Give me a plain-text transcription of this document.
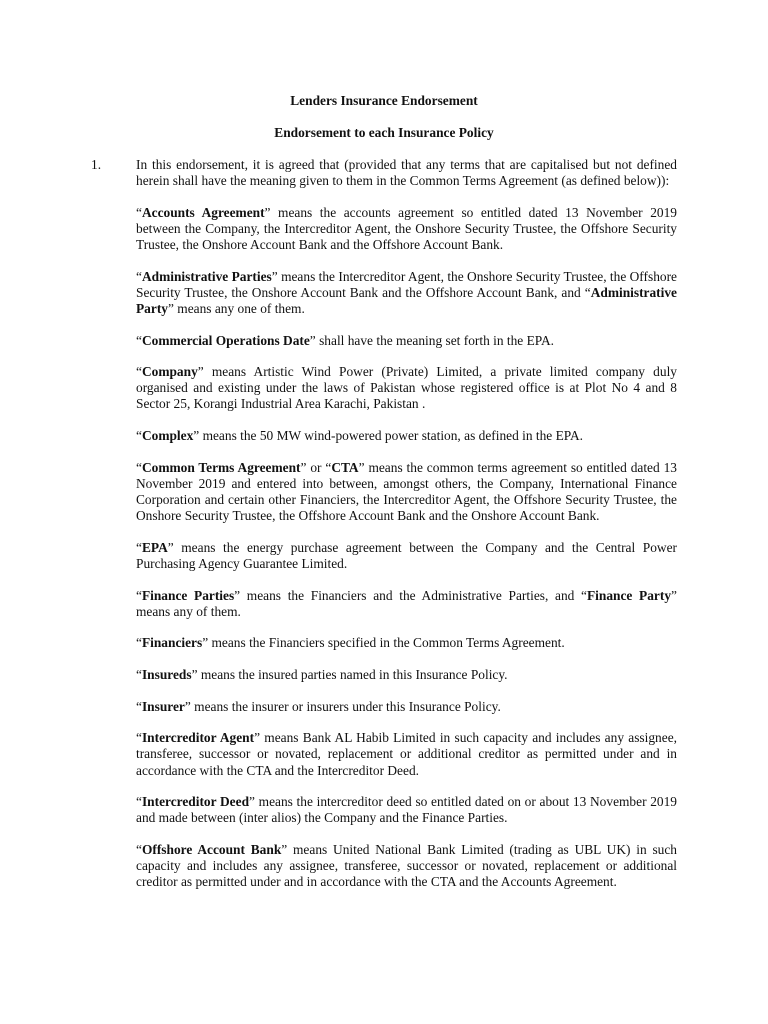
Lenders Insurance Endorsement
Endorsement to each Insurance Policy
1.	In this endorsement, it is agreed that (provided that any terms that are capitalised but not defined herein shall have the meaning given to them in the Common Terms Agreement (as defined below)):

“Accounts Agreement” means the accounts agreement so entitled dated 13 November 2019 between the Company, the Intercreditor Agent, the Onshore Security Trustee, the Offshore Security Trustee, the Onshore Account Bank and the Offshore Account Bank.

“Administrative Parties” means the Intercreditor Agent, the Onshore Security Trustee, the Offshore Security Trustee, the Onshore Account Bank and the Offshore Account Bank, and “Administrative Party” means any one of them.

“Commercial Operations Date” shall have the meaning set forth in the EPA.

“Company” means Artistic Wind Power (Private) Limited, a private limited company duly organised and existing under the laws of Pakistan whose registered office is at Plot No 4 and 8 Sector 25, Korangi Industrial Area Karachi, Pakistan .

“Complex” means the 50 MW wind-powered power station, as defined in the EPA.

“Common Terms Agreement” or “CTA” means the common terms agreement so entitled dated 13 November 2019 and entered into between, amongst others, the Company, International Finance Corporation and certain other Financiers, the Intercreditor Agent, the Offshore Security Trustee, the Onshore Security Trustee, the Offshore Account Bank and the Onshore Account Bank.

“EPA” means the energy purchase agreement between the Company and the Central Power Purchasing Agency Guarantee Limited.

“Finance Parties” means the Financiers and the Administrative Parties, and “Finance Party” means any of them.

“Financiers” means the Financiers specified in the Common Terms Agreement.

“Insureds” means the insured parties named in this Insurance Policy.

“Insurer” means the insurer or insurers under this Insurance Policy.

“Intercreditor Agent” means Bank AL Habib Limited in such capacity and includes any assignee, transferee, successor or novated, replacement or additional creditor as permitted under and in accordance with the CTA and the Intercreditor Deed.

“Intercreditor Deed” means the intercreditor deed so entitled dated on or about 13 November 2019 and made between (inter alios) the Company and the Finance Parties.

“Offshore Account Bank” means United National Bank Limited (trading as UBL UK) in such capacity and includes any assignee, transferee, successor or novated, replacement or additional creditor as permitted under and in accordance with the CTA and the Accounts Agreement.
